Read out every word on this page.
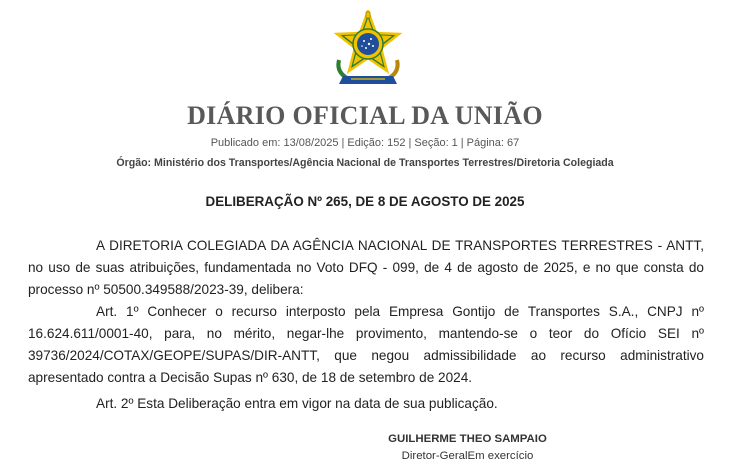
DIÁRIO OFICIAL DA UNIÃO
Publicado em: 13/08/2025 | Edição: 152 | Seção: 1 | Página: 67
Órgão: Ministério dos Transportes/Agência Nacional de Transportes Terrestres/Diretoria Colegiada
DELIBERAÇÃO Nº 265, DE 8 DE AGOSTO DE 2025

A DIRETORIA COLEGIADA DA AGÊNCIA NACIONAL DE TRANSPORTES TERRESTRES - ANTT, no uso de suas atribuições, fundamentada no Voto DFQ - 099, de 4 de agosto de 2025, e no que consta do processo nº 50500.349588/2023-39, delibera:

Art. 1º Conhecer o recurso interposto pela Empresa Gontijo de Transportes S.A., CNPJ nº 16.624.611/0001-40, para, no mérito, negar-lhe provimento, mantendo-se o teor do Ofício SEI nº 39736/2024/COTAX/GEOPE/SUPAS/DIR-ANTT, que negou admissibilidade ao recurso administrativo apresentado contra a Decisão Supas nº 630, de 18 de setembro de 2024.

Art. 2º Esta Deliberação entra em vigor na data de sua publicação.

GUILHERME THEO SAMPAIO
Diretor-GeralEm exercício
